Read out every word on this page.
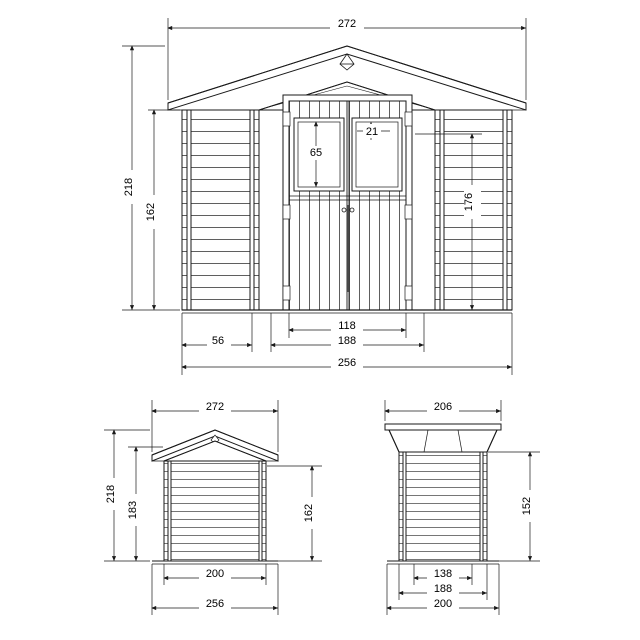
272
218
162
176
65
21
118
188
56
256
272
218
183	162
200
256
206
152
138
188
200
